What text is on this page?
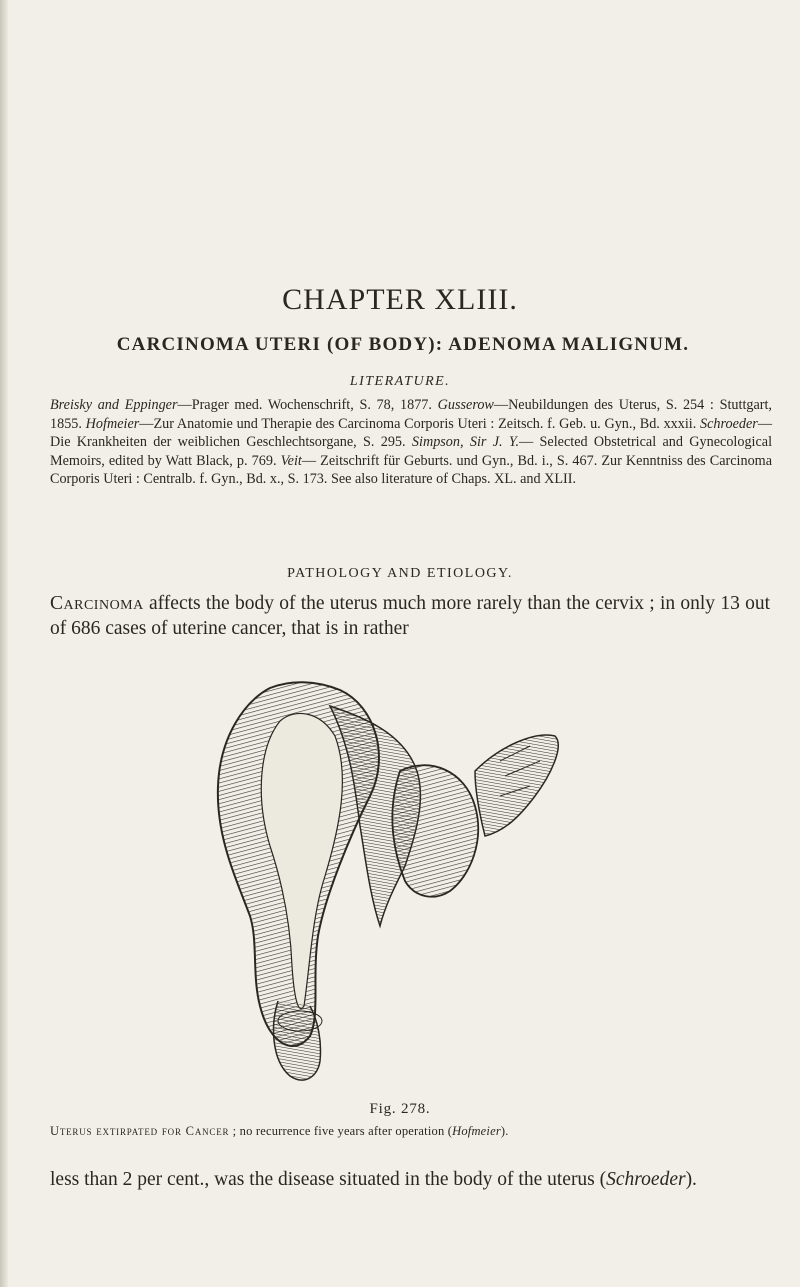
CHAPTER XLIII.
CARCINOMA UTERI (OF BODY): ADENOMA MALIGNUM.
LITERATURE.
Breisky and Eppinger—Prager med. Wochenschrift, S. 78, 1877. Gusserow—Neubildungen des Uterus, S. 254 : Stuttgart, 1855. Hofmeier—Zur Anatomie und Therapie des Carcinoma Corporis Uteri : Zeitsch. f. Geb. u. Gyn., Bd. xxxii. Schroeder— Die Krankheiten der weiblichen Geschlechtsorgane, S. 295. Simpson, Sir J. Y.— Selected Obstetrical and Gynecological Memoirs, edited by Watt Black, p. 769. Veit— Zeitschrift für Geburts. und Gyn., Bd. i., S. 467. Zur Kenntniss des Carcinoma Corporis Uteri : Centralb. f. Gyn., Bd. x., S. 173. See also literature of Chaps. XL. and XLII.
PATHOLOGY AND ETIOLOGY.
Carcinoma affects the body of the uterus much more rarely than the cervix ; in only 13 out of 686 cases of uterine cancer, that is in rather
Fig. 278.
Uterus extirpated for Cancer ; no recurrence five years after operation (Hofmeier).
less than 2 per cent., was the disease situated in the body of the uterus (Schroeder).
